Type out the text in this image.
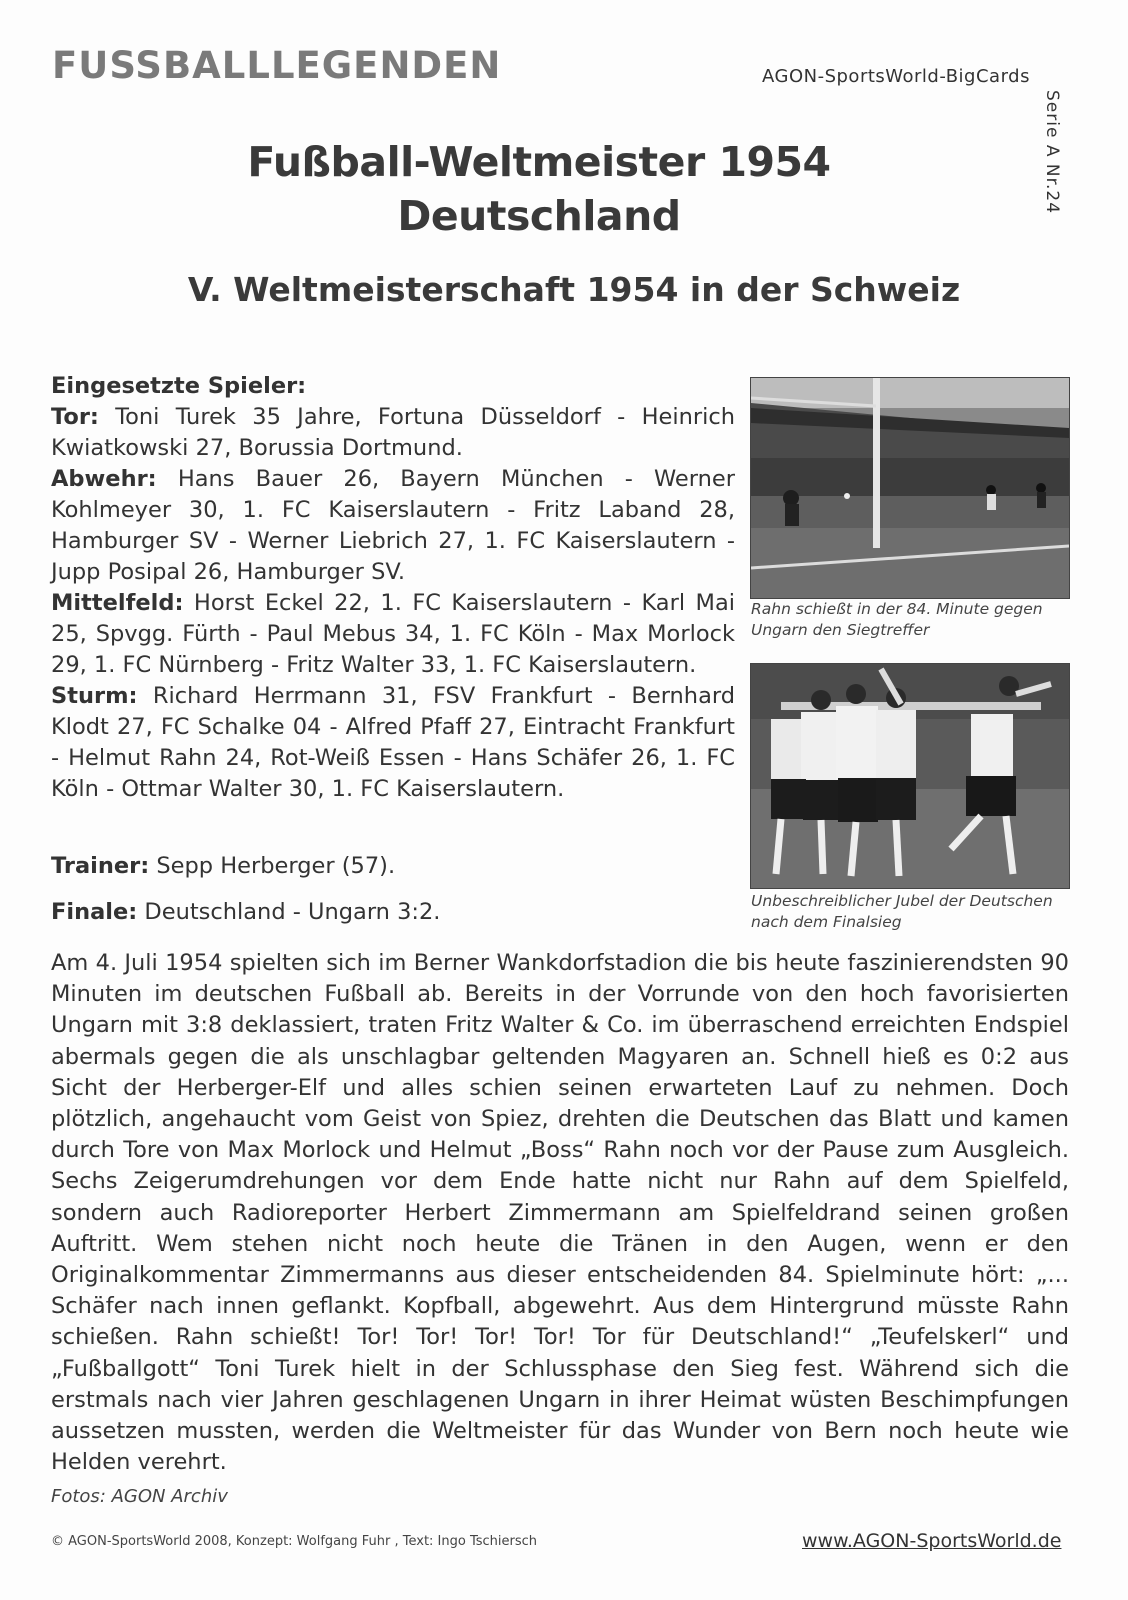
FUSSBALLLEGENDEN	AGON-SportsWorld-BigCards
Serie A Nr.24
Fußball-Weltmeister 1954
Deutschland
V. Weltmeisterschaft 1954 in der Schweiz

Eingesetzte Spieler:

Tor: Toni Turek 35 Jahre, Fortuna Düsseldorf - Heinrich Kwiatkowski 27, Borussia Dortmund.

Abwehr: Hans Bauer 26, Bayern München - Werner Kohlmeyer 30, 1. FC Kaiserslautern - Fritz Laband 28, Hamburger SV - Werner Liebrich 27, 1. FC Kaiserslautern - Jupp Posipal 26, Hamburger SV.

Mittelfeld: Horst Eckel 22, 1. FC Kaiserslautern - Karl Mai 25, Spvgg. Fürth - Paul Mebus 34, 1. FC Köln - Max Morlock 29, 1. FC Nürnberg - Fritz Walter 33, 1. FC Kaiserslautern.

Sturm: Richard Herrmann 31, FSV Frankfurt - Bernhard Klodt 27, FC Schalke 04 - Alfred Pfaff 27, Eintracht Frankfurt - Helmut Rahn 24, Rot-Weiß Essen - Hans Schäfer 26, 1. FC Köln - Ottmar Walter 30, 1. FC Kaiserslautern.

Trainer: Sepp Herberger (57).
Finale: Deutschland - Ungarn 3:2.
Rahn schießt in der 84. Minute gegen Ungarn den Siegtreffer
Unbeschreiblicher Jubel der Deutschen nach dem Finalsieg

Am 4. Juli 1954 spielten sich im Berner Wankdorfstadion die bis heute faszinierendsten 90 Minuten im deutschen Fußball ab. Bereits in der Vorrunde von den hoch favorisierten Ungarn mit 3:8 deklassiert, traten Fritz Walter & Co. im überraschend erreichten Endspiel abermals gegen die als unschlagbar geltenden Magyaren an. Schnell hieß es 0:2 aus Sicht der Herberger-Elf und alles schien seinen erwarteten Lauf zu nehmen. Doch plötzlich, angehaucht vom Geist von Spiez, drehten die Deutschen das Blatt und kamen durch Tore von Max Morlock und Helmut „Boss“ Rahn noch vor der Pause zum Ausgleich. Sechs Zeigerumdrehungen vor dem Ende hatte nicht nur Rahn auf dem Spielfeld, sondern auch Radioreporter Herbert Zimmermann am Spielfeldrand seinen großen Auftritt. Wem stehen nicht noch heute die Tränen in den Augen, wenn er den Originalkommentar Zimmermanns aus dieser entscheidenden 84. Spielminute hört: „... Schäfer nach innen geflankt. Kopfball, abgewehrt. Aus dem Hintergrund müsste Rahn schießen. Rahn schießt! Tor! Tor! Tor! Tor! Tor für Deutschland!“ „Teufelskerl“ und „Fußballgott“ Toni Turek hielt in der Schlussphase den Sieg fest. Während sich die erstmals nach vier Jahren geschlagenen Ungarn in ihrer Heimat wüsten Beschimpfungen aussetzen mussten, werden die Weltmeister für das Wunder von Bern noch heute wie Helden verehrt.

Fotos: AGON Archiv
© AGON-SportsWorld 2008, Konzept: Wolfgang Fuhr , Text: Ingo Tschiersch	www.AGON-SportsWorld.de
